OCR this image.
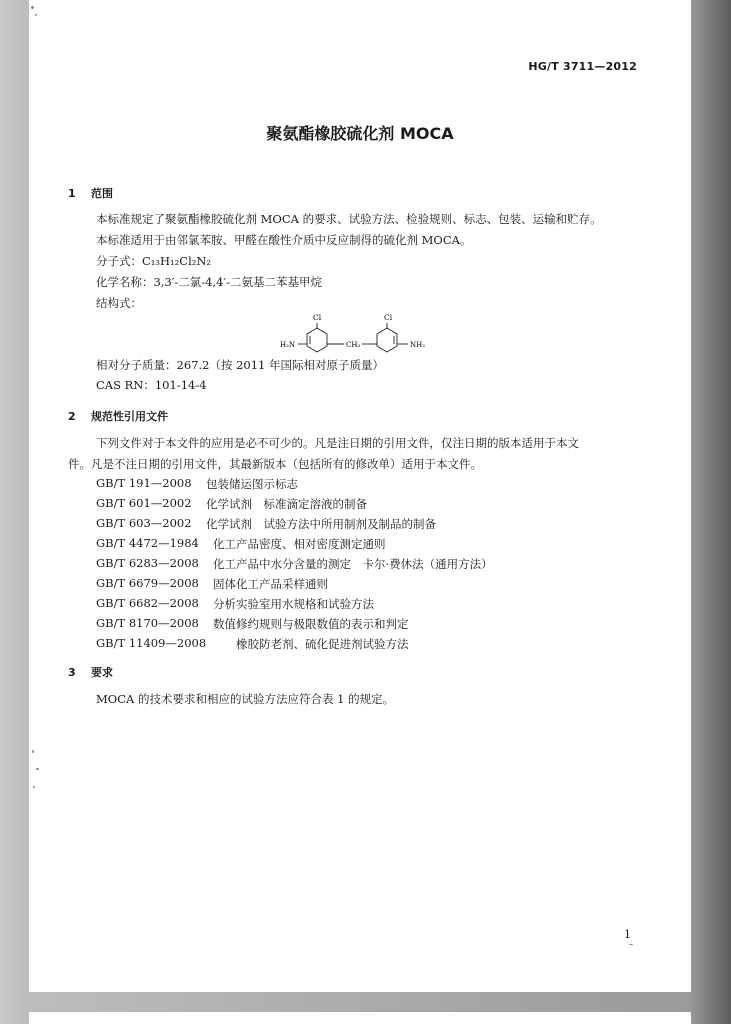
HG/T 3711—2012
聚氨酯橡胶硫化剂 MOCA
1 范围
本标准规定了聚氨酯橡胶硫化剂 MOCA 的要求、试验方法、检验规则、标志、包装、运输和贮存。
本标准适用于由邻氯苯胺、甲醛在酸性介质中反应制得的硫化剂 MOCA。
分子式：C₁₃H₁₂Cl₂N₂
化学名称：3,3′-二氯-4,4′-二氨基二苯基甲烷
结构式：
Cl	Cl
H₂N	CH₂	NH₂
相对分子质量：267.2（按 2011 年国际相对原子质量）
CAS RN：101-14-4
2 规范性引用文件
下列文件对于本文件的应用是必不可少的。凡是注日期的引用文件，仅注日期的版本适用于本文
件。凡是不注日期的引用文件，其最新版本（包括所有的修改单）适用于本文件。
GB/T 191—2008 包装储运图示标志
GB/T 601—2002 化学试剂　标准滴定溶液的制备
GB/T 603—2002 化学试剂　试验方法中所用制剂及制品的制备
GB/T 4472—1984 化工产品密度、相对密度测定通则
GB/T 6283—2008 化工产品中水分含量的测定　卡尔·费休法（通用方法）
GB/T 6679—2008 固体化工产品采样通则
GB/T 6682—2008 分析实验室用水规格和试验方法
GB/T 8170—2008 数值修约规则与极限数值的表示和判定
GB/T 11409—2008	橡胶防老剂、硫化促进剂试验方法
3 要求
MOCA 的技术要求和相应的试验方法应符合表 1 的规定。
1
